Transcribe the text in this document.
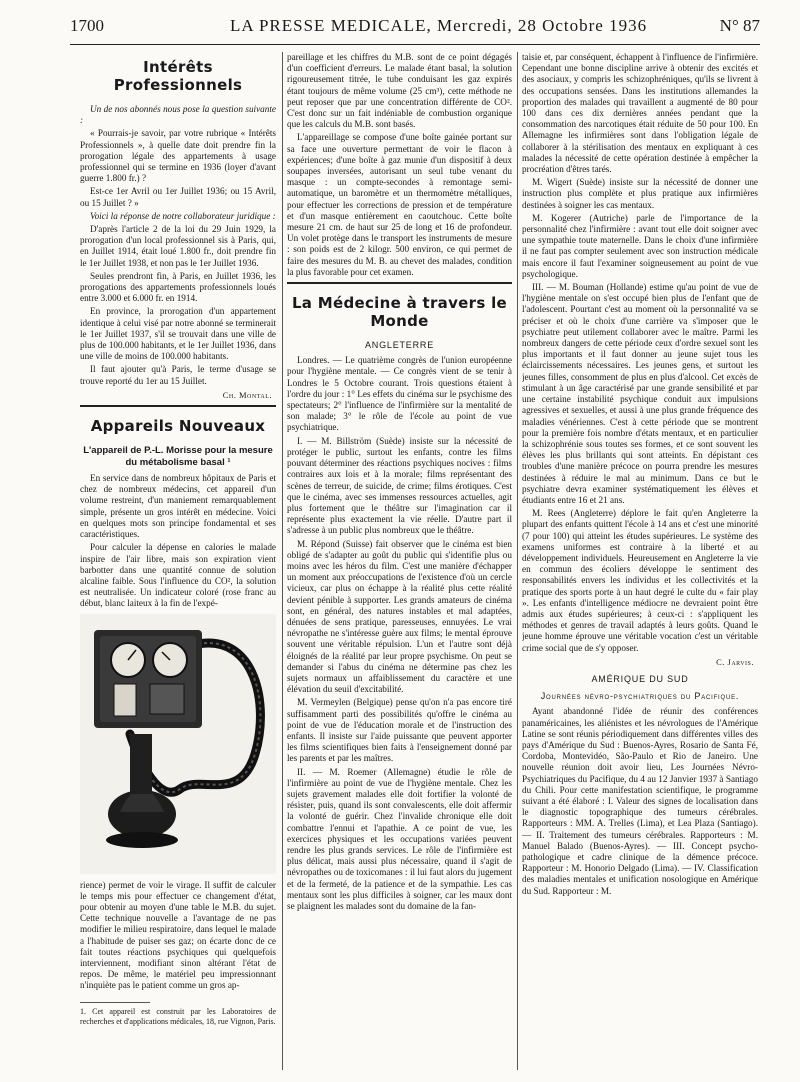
1700	LA PRESSE MEDICALE, Mercredi, 28 Octobre 1936	N° 87
Intérêts Professionnels

Un de nos abonnés nous pose la question suivante :

« Pourrais-je savoir, par votre rubrique « Intérêts Professionnels », à quelle date doit prendre fin la prorogation légale des appartements à usage professionnel qui se termine en 1936 (loyer d'avant guerre 1.800 fr.) ?

Est-ce 1er Avril ou 1er Juillet 1936; ou 15 Avril, ou 15 Juillet ? »

Voici la réponse de notre collaborateur juridique :

D'après l'article 2 de la loi du 29 Juin 1929, la prorogation d'un local professionnel sis à Paris, qui, en Juillet 1914, était loué 1.800 fr., doit prendre fin le 1er Juillet 1938, et non pas le 1er Juillet 1936.

Seules prendront fin, à Paris, en Juillet 1936, les prorogations des appartements professionnels loués entre 3.000 et 6.000 fr. en 1914.

En province, la prorogation d'un appartement identique à celui visé par notre abonné se terminerait le 1er Juillet 1937, s'il se trouvait dans une ville de plus de 100.000 habitants, et le 1er Juillet 1936, dans une ville de moins de 100.000 habitants.

Il faut ajouter qu'à Paris, le terme d'usage se trouve reporté du 1er au 15 Juillet.

Ch. Montal.
Appareils Nouveaux
L'appareil de P.-L. Morisse pour la mesure du métabolisme basal ¹

En service dans de nombreux hôpitaux de Paris et chez de nombreux médecins, cet appareil d'un volume restreint, d'un maniement remarquablement simple, présente un gros intérêt en médecine. Voici en quelques mots son principe fondamental et ses caractéristiques.

Pour calculer la dépense en calories le malade inspire de l'air libre, mais son expiration vient barbotter dans une quantité connue de solution alcaline faible. Sous l'influence du CO², la solution est neutralisée. Un indicateur coloré (rose franc au début, blanc laiteux à la fin de l'expé-

rience) permet de voir le virage. Il suffit de calculer le temps mis pour effectuer ce changement d'état, pour obtenir au moyen d'une table le M.B. du sujet. Cette technique nouvelle a l'avantage de ne pas modifier le milieu respiratoire, dans lequel le malade a l'habitude de puiser ses gaz; on écarte donc de ce fait toutes réactions psychiques qui quelquefois interviennent, modifiant sinon altérant l'état de repos. De même, le matériel peu impressionnant n'inquiète pas le patient comme un gros ap-

1. Cet appareil est construit par les Laboratoires de recherches et d'applications médicales, 18, rue Vignon, Paris.

pareillage et les chiffres du M.B. sont de ce point dégagés d'un coefficient d'erreurs. Le malade étant basal, la solution rigoureusement titrée, le tube conduisant les gaz expirés étant toujours de même volume (25 cm³), cette méthode ne peut reposer que par une concentration différente de CO². C'est donc sur un fait indéniable de combustion organique que les calculs du M.B. sont basés.

L'appareillage se compose d'une boîte gainée portant sur sa face une ouverture permettant de voir le flacon à expériences; d'une boîte à gaz munie d'un dispositif à deux soupapes inversées, autorisant un seul tube venant du masque : un compte-secondes à remontage semi-automatique, un baromètre et un thermomètre métalliques, pour effectuer les corrections de pression et de température et d'un masque entièrement en caoutchouc. Cette boîte mesure 21 cm. de haut sur 25 de long et 16 de profondeur. Un volet protège dans le transport les instruments de mesure : son poids est de 2 kilogr. 500 environ, ce qui permet de faire des mesures du M. B. au chevet des malades, condition la plus favorable pour cet examen.

La Médecine à travers le Monde
ANGLETERRE

Londres. — Le quatrième congrès de l'union européenne pour l'hygiène mentale. — Ce congrès vient de se tenir à Londres le 5 Octobre courant. Trois questions étaient à l'ordre du jour : 1° Les effets du cinéma sur le psychisme des spectateurs; 2° l'influence de l'infirmière sur la mentalité de son malade; 3° le rôle de l'école au point de vue psychiatrique.

I. — M. Billström (Suède) insiste sur la nécessité de protéger le public, surtout les enfants, contre les films pouvant déterminer des réactions psychiques nocives : films contraires aux lois et à la morale; films représentant des scènes de terreur, de suicide, de crime; films érotiques. C'est que le cinéma, avec ses immenses ressources actuelles, agit plus fortement que le théâtre sur l'imagination car il représente plus exactement la vie réelle. D'autre part il s'adresse à un public plus nombreux que le théâtre.

M. Répond (Suisse) fait observer que le cinéma est bien obligé de s'adapter au goût du public qui s'identifie plus ou moins avec les héros du film. C'est une manière d'échapper un moment aux préoccupations de l'existence d'où un cercle vicieux, car plus on échappe à la réalité plus cette réalité devient pénible à supporter. Les grands amateurs de cinéma sont, en général, des natures instables et mal adaptées, dénuées de sens pratique, paresseuses, ennuyées. Le vrai névropathe ne s'intéresse guère aux films; le mental éprouve souvent une véritable répulsion. L'un et l'autre sont déjà éloignés de la réalité par leur propre psychisme. On peut se demander si l'abus du cinéma ne détermine pas chez les sujets normaux un affaiblissement du caractère et une élévation du seuil d'excitabilité.

M. Vermeylen (Belgique) pense qu'on n'a pas encore tiré suffisamment parti des possibilités qu'offre le cinéma au point de vue de l'éducation morale et de l'instruction des enfants. Il insiste sur l'aide puissante que peuvent apporter les films scientifiques bien faits à l'enseignement donné par les parents et par les maîtres.

II. — M. Roemer (Allemagne) étudie le rôle de l'infirmière au point de vue de l'hygiène mentale. Chez les sujets gravement malades elle doit fortifier la volonté de résister, puis, quand ils sont convalescents, elle doit affermir la volonté de guérir. Chez l'invalide chronique elle doit combattre l'ennui et l'apathie. A ce point de vue, les exercices physiques et les occupations variées peuvent rendre les plus grands services. Le rôle de l'infirmière est plus délicat, mais aussi plus nécessaire, quand il s'agit de névropathes ou de toxicomanes : il lui faut alors du jugement et de la fermeté, de la patience et de la sympathie. Les cas mentaux sont les plus difficiles à soigner, car les maux dont se plaignent les malades sont du domaine de la fan-

taisie et, par conséquent, échappent à l'influence de l'infirmière. Cependant une bonne discipline arrive à obtenir des excités et des asociaux, y compris les schizophréniques, qu'ils se livrent à des occupations sensées. Dans les institutions allemandes la proportion des malades qui travaillent a augmenté de 80 pour 100 dans ces dix dernières années pendant que la consommation des narcotiques était réduite de 50 pour 100. En Allemagne les infirmières sont dans l'obligation légale de collaborer à la stérilisation des mentaux en expliquant à ces malades la nécessité de cette opération destinée à empêcher la procréation d'êtres tarés.

M. Wigert (Suède) insiste sur la nécessité de donner une instruction plus complète et plus pratique aux infirmières destinées à soigner les cas mentaux.

M. Kogerer (Autriche) parle de l'importance de la personnalité chez l'infirmière : avant tout elle doit soigner avec une sympathie toute maternelle. Dans le choix d'une infirmière il ne faut pas compter seulement avec son instruction médicale mais encore il faut l'examiner soigneusement au point de vue psychologique.

III. — M. Bouman (Hollande) estime qu'au point de vue de l'hygiène mentale on s'est occupé bien plus de l'enfant que de l'adolescent. Pourtant c'est au moment où la personnalité va se préciser et où le choix d'une carrière va s'imposer que le psychiatre peut utilement collaborer avec le maître. Parmi les nombreux dangers de cette période ceux d'ordre sexuel sont les plus importants et il faut donner au jeune sujet tous les éclaircissements nécessaires. Les jeunes gens, et surtout les jeunes filles, consomment de plus en plus d'alcool. Cet excès de stimulant à un âge caractérisé par une grande sensibilité et par une certaine instabilité psychique conduit aux impulsions agressives et sexuelles, et aussi à une plus grande fréquence des maladies vénériennes. C'est à cette période que se montrent pour la première fois nombre d'états mentaux, et en particulier la schizophrénie sous toutes ses formes, et ce sont souvent les élèves les plus brillants qui sont atteints. En dépistant ces troubles d'une manière précoce on pourra prendre les mesures destinées à réduire le mal au minimum. Dans ce but le psychiatre devra examiner systématiquement les élèves et étudiants entre 16 et 21 ans.

M. Rees (Angleterre) déplore le fait qu'en Angleterre la plupart des enfants quittent l'école à 14 ans et c'est une minorité (7 pour 100) qui atteint les études supérieures. Le système des examens uniformes est contraire à la liberté et au développement individuels. Heureusement en Angleterre la vie en commun des écoliers développe le sentiment des responsabilités envers les individus et les collectivités et la pratique des sports porte à un haut degré le culte du « fair play ». Les enfants d'intelligence médiocre ne devraient point être admis aux études supérieures; à ceux-ci : s'appliquent les méthodes et genres de travail adaptés à leurs goûts. Quand le jeune homme éprouve une véritable vocation c'est un véritable crime social que de s'y opposer.

C. Jarvis.
AMÉRIQUE DU SUD
Journées névro-psychiatriques du Pacifique.

Ayant abandonné l'idée de réunir des conférences panaméricaines, les aliénistes et les névrologues de l'Amérique Latine se sont réunis périodiquement dans différentes villes des pays d'Amérique du Sud : Buenos-Ayres, Rosario de Santa Fé, Cordoba, Montevidéo, São-Paulo et Rio de Janeiro. Une nouvelle réunion doit avoir lieu, Les Journées Névro-Psychiatriques du Pacifique, du 4 au 12 Janvier 1937 à Santiago du Chili. Pour cette manifestation scientifique, le programme suivant a été élaboré : I. Valeur des signes de localisation dans le diagnostic topographique des tumeurs cérébrales. Rapporteurs : MM. A. Trelles (Lima), et Lea Plaza (Santiago). — II. Traitement des tumeurs cérébrales. Rapporteurs : M. Manuel Balado (Buenos-Ayres). — III. Concept psycho-pathologique et cadre clinique de la démence précoce. Rapporteur : M. Honorio Delgado (Lima). — IV. Classification des maladies mentales et unification nosologique en Amérique du Sud. Rapporteur : M.
